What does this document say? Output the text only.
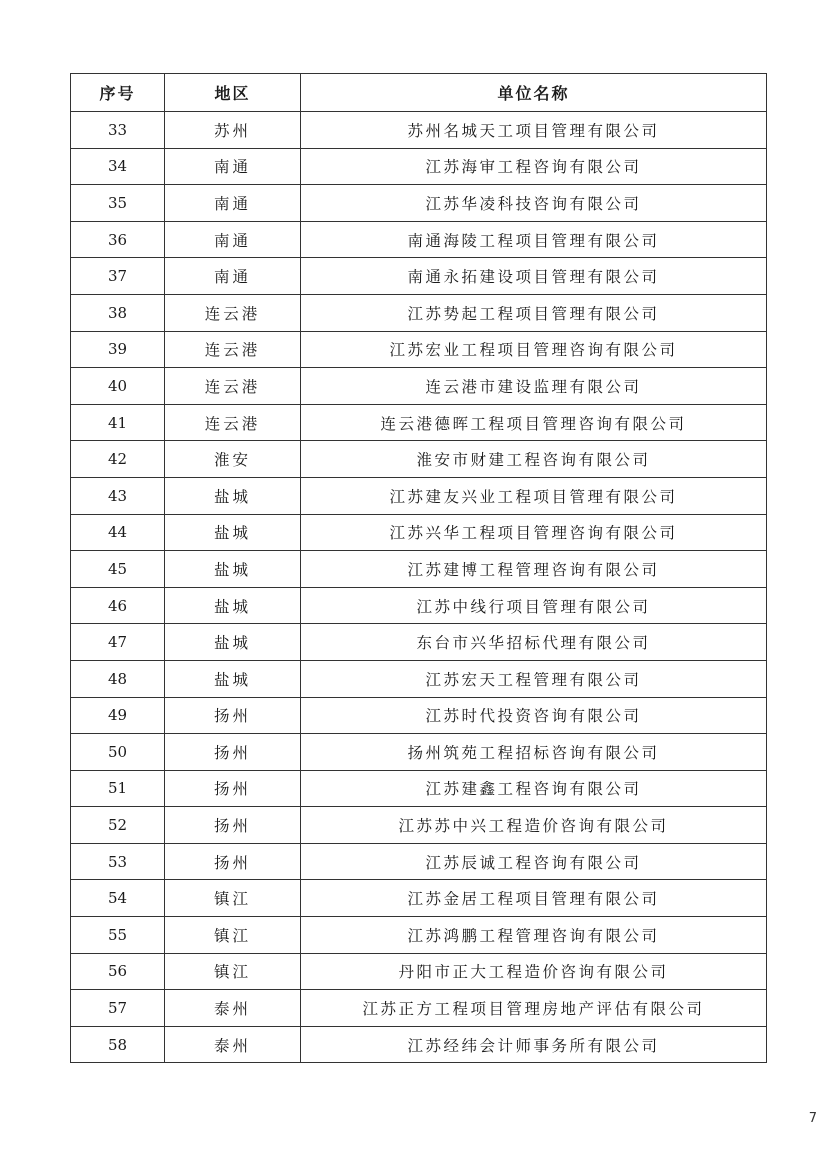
序号	地区	单位名称
33	苏州	苏州名城天工项目管理有限公司
34	南通	江苏海审工程咨询有限公司
35	南通	江苏华凌科技咨询有限公司
36	南通	南通海陵工程项目管理有限公司
37	南通	南通永拓建设项目管理有限公司
38	连云港	江苏势起工程项目管理有限公司
39	连云港	江苏宏业工程项目管理咨询有限公司
40	连云港	连云港市建设监理有限公司
41	连云港	连云港德晖工程项目管理咨询有限公司
42	淮安	淮安市财建工程咨询有限公司
43	盐城	江苏建友兴业工程项目管理有限公司
44	盐城	江苏兴华工程项目管理咨询有限公司
45	盐城	江苏建博工程管理咨询有限公司
46	盐城	江苏中线行项目管理有限公司
47	盐城	东台市兴华招标代理有限公司
48	盐城	江苏宏天工程管理有限公司
49	扬州	江苏时代投资咨询有限公司
50	扬州	扬州筑苑工程招标咨询有限公司
51	扬州	江苏建鑫工程咨询有限公司
52	扬州	江苏苏中兴工程造价咨询有限公司
53	扬州	江苏辰诚工程咨询有限公司
54	镇江	江苏金居工程项目管理有限公司
55	镇江	江苏鸿鹏工程管理咨询有限公司
56	镇江	丹阳市正大工程造价咨询有限公司
57	泰州	江苏正方工程项目管理房地产评估有限公司
58	泰州	江苏经纬会计师事务所有限公司
7
